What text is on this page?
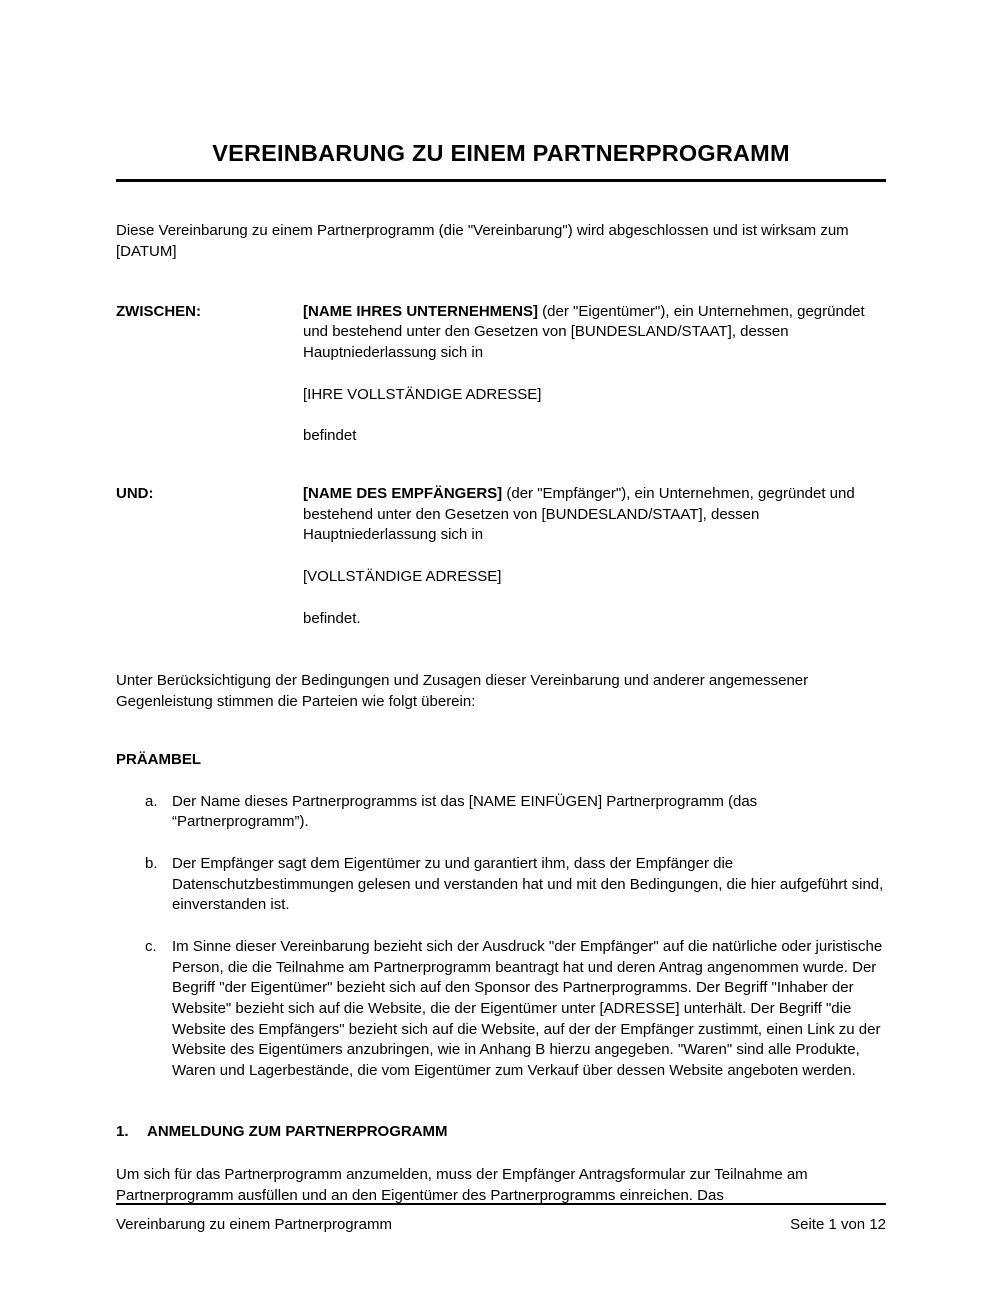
VEREINBARUNG ZU EINEM PARTNERPROGRAMM

Diese Vereinbarung zu einem Partnerprogramm (die "Vereinbarung") wird abgeschlossen und ist wirksam zum [DATUM]

ZWISCHEN:	[NAME IHRES UNTERNEHMENS] (der "Eigentümer"), ein Unternehmen, gegründet und bestehend unter den Gesetzen von [BUNDESLAND/STAAT], dessen Hauptniederlassung sich in

[IHRE VOLLSTÄNDIGE ADRESSE]

befindet

UND:	[NAME DES EMPFÄNGERS] (der "Empfänger"), ein Unternehmen, gegründet und bestehend unter den Gesetzen von [BUNDESLAND/STAAT], dessen Hauptniederlassung sich in

[VOLLSTÄNDIGE ADRESSE]

befindet.

Unter Berücksichtigung der Bedingungen und Zusagen dieser Vereinbarung und anderer angemessener Gegenleistung stimmen die Parteien wie folgt überein:

PRÄAMBEL
a. Der Name dieses Partnerprogramms ist das [NAME EINFÜGEN] Partnerprogramm (das “Partnerprogramm”).
b. Der Empfänger sagt dem Eigentümer zu und garantiert ihm, dass der Empfänger die Datenschutzbestimmungen gelesen und verstanden hat und mit den Bedingungen, die hier aufgeführt sind, einverstanden ist.
c.	Im Sinne dieser Vereinbarung bezieht sich der Ausdruck "der Empfänger" auf die natürliche oder juristische Person, die die Teilnahme am Partnerprogramm beantragt hat und deren Antrag angenommen wurde. Der Begriff "der Eigentümer" bezieht sich auf den Sponsor des Partnerprogramms. Der Begriff "Inhaber der Website" bezieht sich auf die Website, die der Eigentümer unter [ADRESSE] unterhält. Der Begriff "die Website des Empfängers" bezieht sich auf die Website, auf der der Empfänger zustimmt, einen Link zu der Website des Eigentümers anzubringen, wie in Anhang B hierzu angegeben. "Waren" sind alle Produkte, Waren und Lagerbestände, die vom Eigentümer zum Verkauf über dessen Website angeboten werden.
1.	ANMELDUNG ZUM PARTNERPROGRAMM

Um sich für das Partnerprogramm anzumelden, muss der Empfänger Antragsformular zur Teilnahme am Partnerprogramm ausfüllen und an den Eigentümer des Partnerprogramms einreichen. Das

Vereinbarung zu einem Partnerprogramm	Seite 1 von 12
